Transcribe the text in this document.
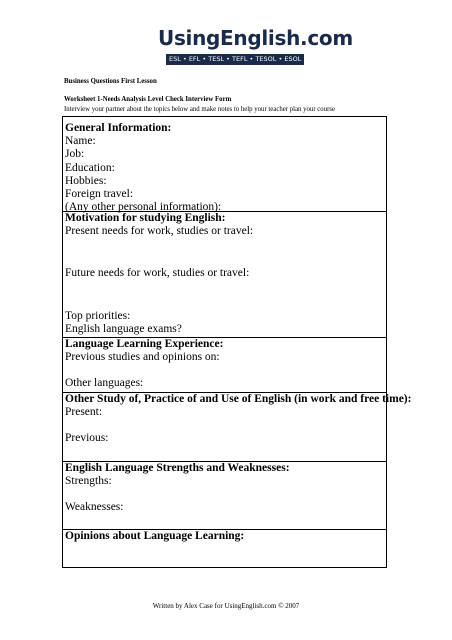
UsingEnglish.com
ESL • EFL • TESL • TEFL • TESOL • ESOL
Business Questions First Lesson
Worksheet 1-Needs Analysis Level Check Interview Form
Interview your partner about the topics below and make notes to help your teacher plan your course
General Information:
Name:
Job:
Education:
Hobbies:
Foreign travel:
(Any other personal information):
Motivation for studying English:
Present needs for work, studies or travel:
Future needs for work, studies or travel:
Top priorities:
English language exams?
Language Learning Experience:
Previous studies and opinions on:
Other languages:
Other Study of, Practice of and Use of English (in work and free time):
Present:
Previous:
English Language Strengths and Weaknesses:
Strengths:
Weaknesses:
Opinions about Language Learning:
Written by Alex Case for UsingEnglish.com © 2007
